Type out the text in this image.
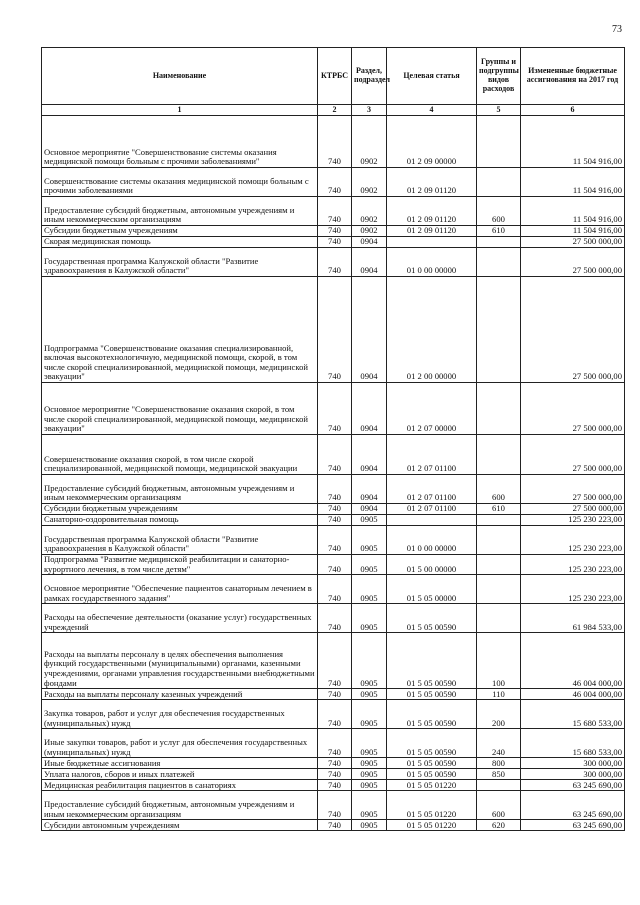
73
Наименование	КТРБС	Раздел, подраздел	Целевая статья	Группы и подгруппы видов расходов	Измененные бюджетные ассигнования на 2017 год
1	2	3	4	5	6
Основное мероприятие "Совершенствование системы оказания медицинской помощи больным с прочими заболеваниями"	740	0902	01 2 09 00000		11 504 916,00
Совершенствование системы оказания медицинской помощи больным с прочими заболеваниями	740	0902	01 2 09 01120		11 504 916,00
Предоставление субсидий бюджетным, автономным учреждениям и иным некоммерческим организациям	740	0902	01 2 09 01120	600	11 504 916,00
Субсидии бюджетным учреждениям	740	0902	01 2 09 01120	610	11 504 916,00
Скорая медицинская помощь	740	0904			27 500 000,00
Государственная программа Калужской области "Развитие здравоохранения в Калужской области"	740	0904	01 0 00 00000		27 500 000,00
Подпрограмма "Совершенствование оказания специализированной, включая высокотехнологичную, медицинской помощи, скорой, в том числе скорой специализированной, медицинской помощи, медицинской эвакуации"	740	0904	01 2 00 00000		27 500 000,00
Основное мероприятие "Совершенствование оказания скорой, в том числе скорой специализированной, медицинской помощи, медицинской эвакуации"	740	0904	01 2 07 00000		27 500 000,00
Совершенствование оказания скорой, в том числе скорой специализированной, медицинской помощи, медицинской эвакуации	740	0904	01 2 07 01100		27 500 000,00
Предоставление субсидий бюджетным, автономным учреждениям и иным некоммерческим организациям	740	0904	01 2 07 01100	600	27 500 000,00
Субсидии бюджетным учреждениям	740	0904	01 2 07 01100	610	27 500 000,00
Санаторно-оздоровительная помощь	740	0905			125 230 223,00
Государственная программа Калужской области "Развитие здравоохранения в Калужской области"	740	0905	01 0 00 00000		125 230 223,00
Подпрограмма "Развитие медицинской реабилитации и санаторно-курортного лечения, в том числе детям"	740	0905	01 5 00 00000		125 230 223,00
Основное мероприятие "Обеспечение пациентов санаторным лечением в рамках государственного задания"	740	0905	01 5 05 00000		125 230 223,00
Расходы на обеспечение деятельности (оказание услуг) государственных учреждений	740	0905	01 5 05 00590		61 984 533,00
Расходы на выплаты персоналу в целях обеспечения выполнения функций государственными (муниципальными) органами, казенными учреждениями, органами управления государственными внебюджетными фондами	740	0905	01 5 05 00590	100	46 004 000,00
Расходы на выплаты персоналу казенных учреждений	740	0905	01 5 05 00590	110	46 004 000,00
Закупка товаров, работ и услуг для обеспечения государственных (муниципальных) нужд	740	0905	01 5 05 00590	200	15 680 533,00
Иные закупки товаров, работ и услуг для обеспечения государственных (муниципальных) нужд	740	0905	01 5 05 00590	240	15 680 533,00
Иные бюджетные ассигнования	740	0905	01 5 05 00590	800	300 000,00
Уплата налогов, сборов и иных платежей	740	0905	01 5 05 00590	850	300 000,00
Медицинская реабилитация пациентов в санаториях	740	0905	01 5 05 01220		63 245 690,00
Предоставление субсидий бюджетным, автономным учреждениям и иным некоммерческим организациям	740	0905	01 5 05 01220	600	63 245 690,00
Субсидии автономным учреждениям	740	0905	01 5 05 01220	620	63 245 690,00
